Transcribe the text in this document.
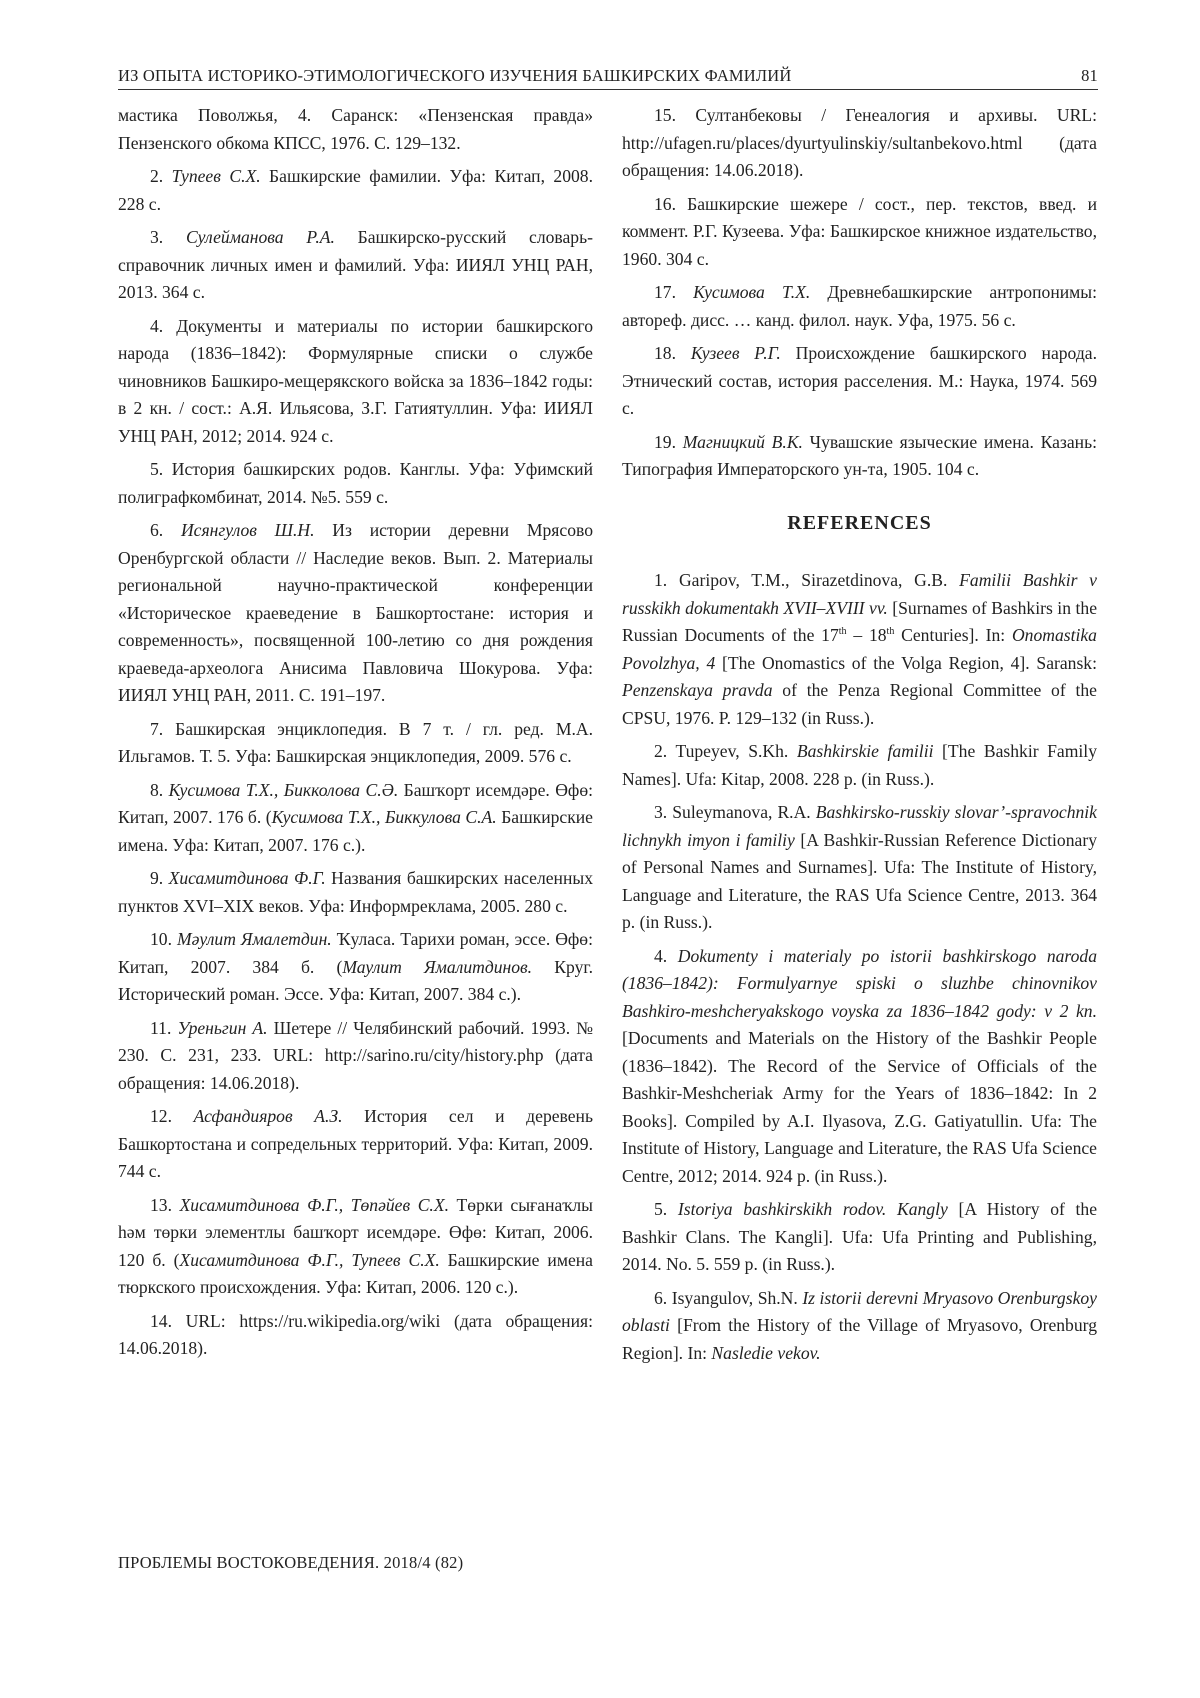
ИЗ ОПЫТА ИСТОРИКО-ЭТИМОЛОГИЧЕСКОГО ИЗУЧЕНИЯ БАШКИРСКИХ ФАМИЛИЙ	81

мастика Поволжья, 4. Саранск: «Пензенская правда» Пензенского обкома КПСС, 1976. С. 129–132.

2. Тупеев С.Х. Башкирские фамилии. Уфа: Китап, 2008. 228 с.

3. Сулейманова Р.А. Башкирско-русский словарь-справочник личных имен и фамилий. Уфа: ИИЯЛ УНЦ РАН, 2013. 364 с.

4. Документы и материалы по истории башкирского народа (1836–1842): Формулярные списки о службе чиновников Башкиро-мещерякского войска за 1836–1842 годы: в 2 кн. / сост.: А.Я. Ильясова, З.Г. Гатиятуллин. Уфа: ИИЯЛ УНЦ РАН, 2012; 2014. 924 с.

5. История башкирских родов. Канглы. Уфа: Уфимский полиграфкомбинат, 2014. №5. 559 с.

6. Исянгулов Ш.Н. Из истории деревни Мрясово Оренбургской области // Наследие веков. Вып. 2. Материалы региональной научно-практической конференции «Историческое краеведение в Башкортостане: история и современность», посвященной 100-летию со дня рождения краеведа-археолога Анисима Павловича Шокурова. Уфа: ИИЯЛ УНЦ РАН, 2011. С. 191–197.

7. Башкирская энциклопедия. В 7 т. / гл. ред. М.А. Ильгамов. Т. 5. Уфа: Башкирская энциклопедия, 2009. 576 с.

8. Кусимова Т.Х., Бикколова С.Ә. Башҡорт исемдәре. Өфө: Китап, 2007. 176 б. (Кусимова Т.Х., Биккулова С.А. Башкирские имена. Уфа: Китап, 2007. 176 с.).

9. Хисамитдинова Ф.Г. Названия башкирских населенных пунктов XVI–XIX веков. Уфа: Информреклама, 2005. 280 с.

10. Мәулит Ямалетдин. Ҡуласа. Тарихи роман, эссе. Өфө: Китап, 2007. 384 б. (Маулит Ямалитдинов. Круг. Исторический роман. Эссе. Уфа: Китап, 2007. 384 с.).

11. Уреньгин А. Шетере // Челябинский рабочий. 1993. № 230. С. 231, 233. URL: http://sarino.ru/city/history.php (дата обращения: 14.06.2018).

12. Асфандияров А.З. История сел и деревень Башкортостана и сопредельных территорий. Уфа: Китап, 2009. 744 с.

13. Хисамитдинова Ф.Г., Төпәйев С.Х. Төрки сығанаҡлы һәм төрки элементлы башҡорт исемдәре. Өфө: Китап, 2006. 120 б. (Хисамитдинова Ф.Г., Тупеев С.Х. Башкирские имена тюркского происхождения. Уфа: Китап, 2006. 120 с.).

14. URL: https://ru.wikipedia.org/wiki (дата обращения: 14.06.2018).

15. Султанбековы / Генеалогия и архивы. URL: http://ufagen.ru/places/dyurtyulinskiy/sultanbekovo.html (дата обращения: 14.06.2018).

16. Башкирские шежере / сост., пер. текстов, введ. и коммент. Р.Г. Кузеева. Уфа: Башкирское книжное издательство, 1960. 304 с.

17. Кусимова Т.Х. Древнебашкирские антропонимы: автореф. дисс. … канд. филол. наук. Уфа, 1975. 56 с.

18. Кузеев Р.Г. Происхождение башкирского народа. Этнический состав, история расселения. М.: Наука, 1974. 569 с.

19. Магницкий В.К. Чувашские языческие имена. Казань: Типография Императорского ун-та, 1905. 104 с.

REFERENCES

1. Garipov, T.M., Sirazetdinova, G.B. Familii Bashkir v russkikh dokumentakh XVII–XVIII vv. [Surnames of Bashkirs in the Russian Documents of the 17th – 18th Centuries]. In: Onomastika Povolzhya, 4 [The Onomastics of the Volga Region, 4]. Saransk: Penzenskaya pravda of the Penza Regional Committee of the CPSU, 1976. P. 129–132 (in Russ.).

2. Tupeyev, S.Kh. Bashkirskie familii [The Bashkir Family Names]. Ufa: Kitap, 2008. 228 p. (in Russ.).

3. Suleymanova, R.A. Bashkirsko-russkiy slovar’-spravochnik lichnykh imyon i familiy [A Bashkir-Russian Reference Dictionary of Personal Names and Surnames]. Ufa: The Institute of History, Language and Literature, the RAS Ufa Science Centre, 2013. 364 p. (in Russ.).

4. Dokumenty i materialy po istorii bashkirskogo naroda (1836–1842): Formulyarnye spiski o sluzhbe chinovnikov Bashkiro-meshcheryakskogo voyska za 1836–1842 gody: v 2 kn. [Documents and Materials on the History of the Bashkir People (1836–1842). The Record of the Service of Officials of the Bashkir-Meshcheriak Army for the Years of 1836–1842: In 2 Books]. Compiled by A.I. Ilyasova, Z.G. Gatiyatullin. Ufa: The Institute of History, Language and Literature, the RAS Ufa Science Centre, 2012; 2014. 924 p. (in Russ.).

5. Istoriya bashkirskikh rodov. Kangly [A History of the Bashkir Clans. The Kangli]. Ufa: Ufa Printing and Publishing, 2014. No. 5. 559 p. (in Russ.).

6. Isyangulov, Sh.N. Iz istorii derevni Mryasovo Orenburgskoy oblasti [From the History of the Village of Mryasovo, Orenburg Region]. In: Nasledie vekov.

ПРОБЛЕМЫ ВОСТОКОВЕДЕНИЯ. 2018/4 (82)
